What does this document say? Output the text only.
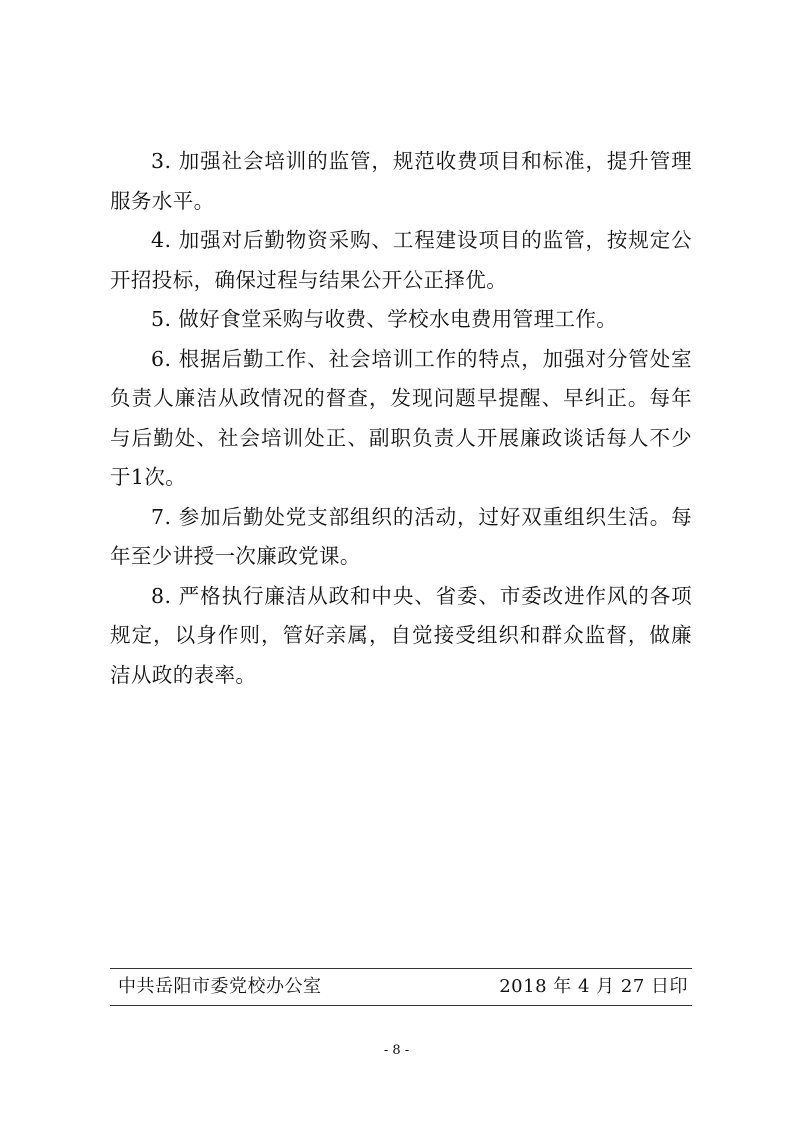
3. 加强社会培训的监管，规范收费项目和标准，提升管理服务水平。

4. 加强对后勤物资采购、工程建设项目的监管，按规定公开招投标，确保过程与结果公开公正择优。

5. 做好食堂采购与收费、学校水电费用管理工作。

6. 根据后勤工作、社会培训工作的特点，加强对分管处室负责人廉洁从政情况的督查，发现问题早提醒、早纠正。每年与后勤处、社会培训处正、副职负责人开展廉政谈话每人不少于1次。

7. 参加后勤处党支部组织的活动，过好双重组织生活。每年至少讲授一次廉政党课。

8. 严格执行廉洁从政和中央、省委、市委改进作风的各项规定，以身作则，管好亲属，自觉接受组织和群众监督，做廉洁从政的表率。

中共岳阳市委党校办公室	2018 年 4 月 27 日印
- 8 -
